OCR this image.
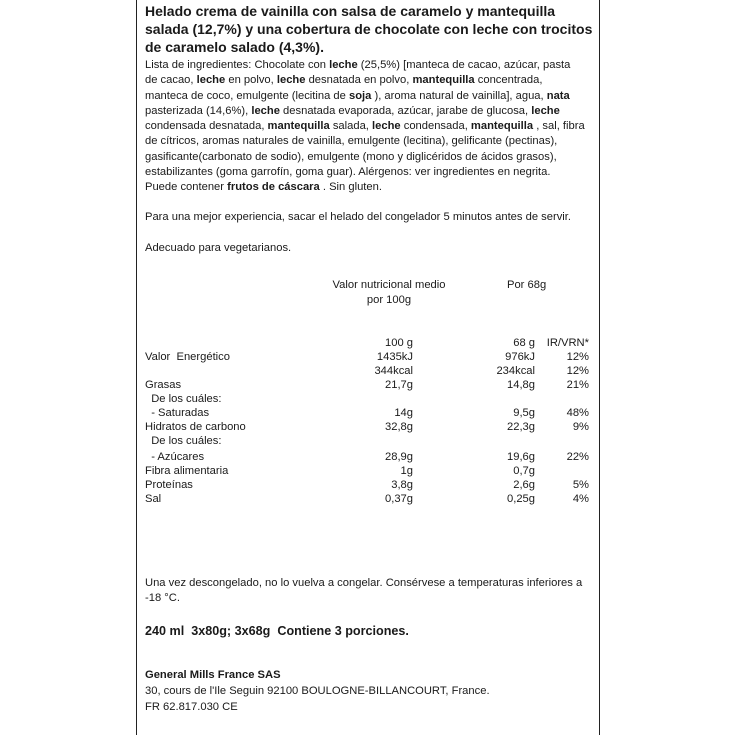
Helado crema de vainilla con salsa de caramelo y mantequilla salada (12,7%) y una cobertura de chocolate con leche con trocitos de caramelo salado (4,3%).
Lista de ingredientes: Chocolate con leche (25,5%) [manteca de cacao, azúcar, pasta de cacao, leche en polvo, leche desnatada en polvo, mantequilla concentrada, manteca de coco, emulgente (lecitina de soja ), aroma natural de vainilla], agua, nata pasterizada (14,6%), leche desnatada evaporada, azúcar, jarabe de glucosa, leche condensada desnatada, mantequilla salada, leche condensada, mantequilla , sal, fibra de cítricos, aromas naturales de vainilla, emulgente (lecitina), gelificante (pectinas), gasificante(carbonato de sodio), emulgente (mono y diglicéridos de ácidos grasos), estabilizantes (goma garrofín, goma guar). Alérgenos: ver ingredientes en negrita. Puede contener frutos de cáscara . Sin gluten.
Para una mejor experiencia, sacar el helado del congelador 5 minutos antes de servir.
Adecuado para vegetarianos.
Valor nutricional medio por 100g
Por 68g
100 g	68 g	IR/VRN*
Valor  Energético	1435kJ	976kJ	12%
344kcal	234kcal	12%
Grasas	21,7g	14,8g	21%
De los cuáles:
- Saturadas	14g	9,5g	48%
Hidratos de carbono	32,8g	22,3g	9%
De los cuáles:
- Azúcares	28,9g	19,6g	22%
Fibra alimentaria	1g	0,7g
Proteínas	3,8g	2,6g	5%
Sal	0,37g	0,25g	4%
Una vez descongelado, no lo vuelva a congelar. Consérvese a temperaturas inferiores a -18 °C.
240 ml 3x80g; 3x68g Contiene 3 porciones.
General Mills France SAS
30, cours de l'Ile Seguin 92100 BOULOGNE-BILLANCOURT, France.
FR 62.817.030 CE
